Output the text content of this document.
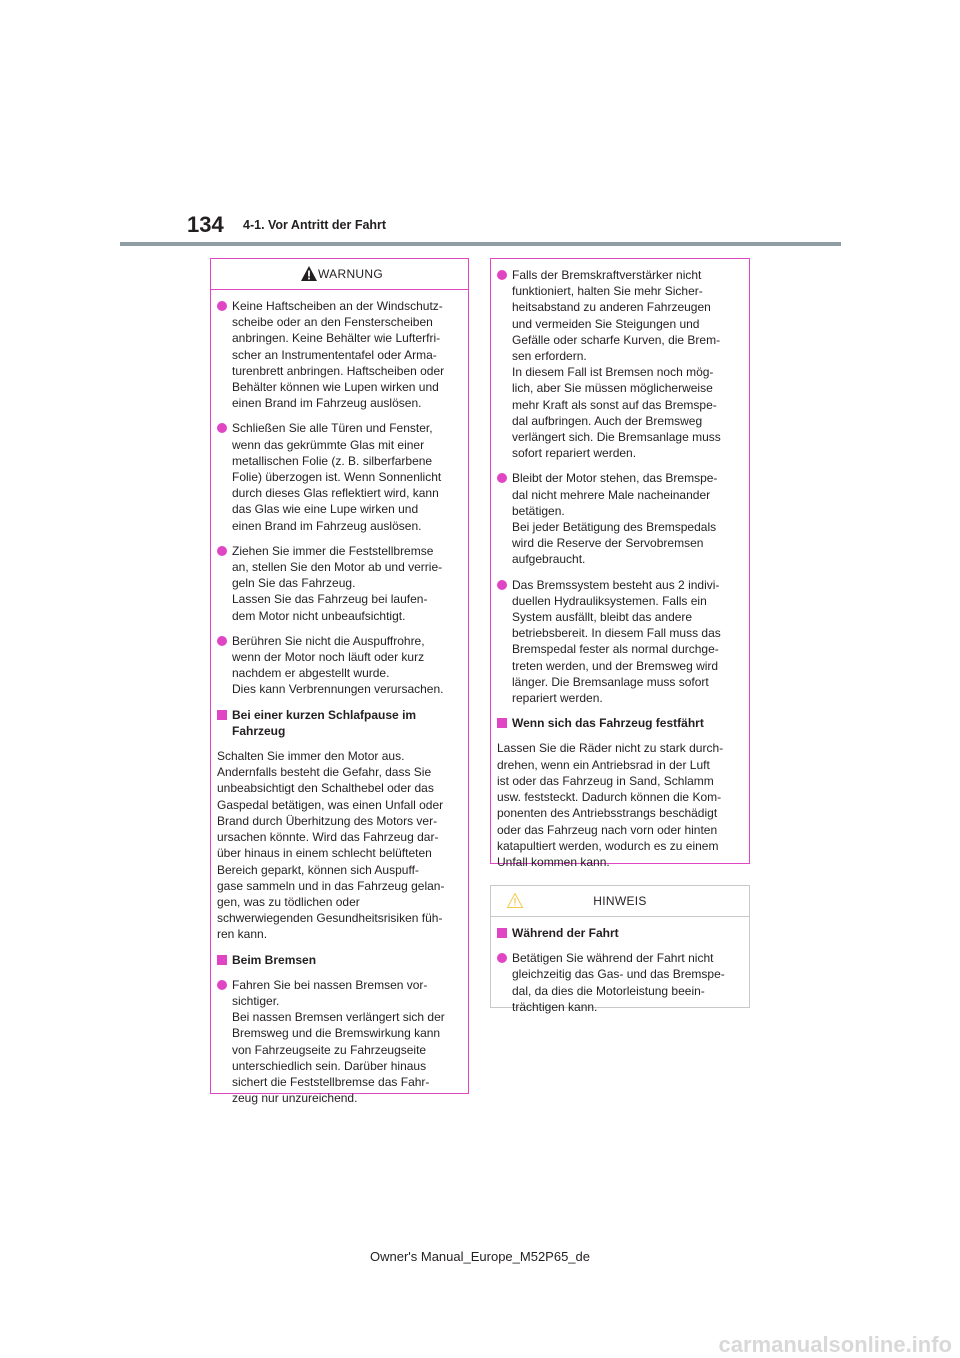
134 4-1. Vor Antritt der Fahrt
WARNUNG
Keine Haftscheiben an der Windschutz-
scheibe oder an den Fensterscheiben
anbringen. Keine Behälter wie Lufterfri-
scher an Instrumententafel oder Arma-
turenbrett anbringen. Haftscheiben oder
Behälter können wie Lupen wirken und
einen Brand im Fahrzeug auslösen.
Schließen Sie alle Türen und Fenster,
wenn das gekrümmte Glas mit einer
metallischen Folie (z. B. silberfarbene
Folie) überzogen ist. Wenn Sonnenlicht
durch dieses Glas reflektiert wird, kann
das Glas wie eine Lupe wirken und
einen Brand im Fahrzeug auslösen.
Ziehen Sie immer die Feststellbremse
an, stellen Sie den Motor ab und verrie-
geln Sie das Fahrzeug.
Lassen Sie das Fahrzeug bei laufen-
dem Motor nicht unbeaufsichtigt.
Berühren Sie nicht die Auspuffrohre,
wenn der Motor noch läuft oder kurz
nachdem er abgestellt wurde.
Dies kann Verbrennungen verursachen.
Bei einer kurzen Schlafpause im
Fahrzeug
Schalten Sie immer den Motor aus.
Andernfalls besteht die Gefahr, dass Sie
unbeabsichtigt den Schalthebel oder das
Gaspedal betätigen, was einen Unfall oder
Brand durch Überhitzung des Motors ver-
ursachen könnte. Wird das Fahrzeug dar-
über hinaus in einem schlecht belüfteten
Bereich geparkt, können sich Auspuff-
gase sammeln und in das Fahrzeug gelan-
gen, was zu tödlichen oder
schwerwiegenden Gesundheitsrisiken füh-
ren kann.
Beim Bremsen
Fahren Sie bei nassen Bremsen vor-
sichtiger.
Bei nassen Bremsen verlängert sich der
Bremsweg und die Bremswirkung kann
von Fahrzeugseite zu Fahrzeugseite
unterschiedlich sein. Darüber hinaus
sichert die Feststellbremse das Fahr-
zeug nur unzureichend.
Falls der Bremskraftverstärker nicht
funktioniert, halten Sie mehr Sicher-
heitsabstand zu anderen Fahrzeugen
und vermeiden Sie Steigungen und
Gefälle oder scharfe Kurven, die Brem-
sen erfordern.
In diesem Fall ist Bremsen noch mög-
lich, aber Sie müssen möglicherweise
mehr Kraft als sonst auf das Bremspe-
dal aufbringen. Auch der Bremsweg
verlängert sich. Die Bremsanlage muss
sofort repariert werden.
Bleibt der Motor stehen, das Bremspe-
dal nicht mehrere Male nacheinander
betätigen.
Bei jeder Betätigung des Bremspedals
wird die Reserve der Servobremsen
aufgebraucht.
Das Bremssystem besteht aus 2 indivi-
duellen Hydrauliksystemen. Falls ein
System ausfällt, bleibt das andere
betriebsbereit. In diesem Fall muss das
Bremspedal fester als normal durchge-
treten werden, und der Bremsweg wird
länger. Die Bremsanlage muss sofort
repariert werden.
Wenn sich das Fahrzeug festfährt
Lassen Sie die Räder nicht zu stark durch-
drehen, wenn ein Antriebsrad in der Luft
ist oder das Fahrzeug in Sand, Schlamm
usw. feststeckt. Dadurch können die Kom-
ponenten des Antriebsstrangs beschädigt
oder das Fahrzeug nach vorn oder hinten
katapultiert werden, wodurch es zu einem
Unfall kommen kann.
HINWEIS
Während der Fahrt
Betätigen Sie während der Fahrt nicht
gleichzeitig das Gas- und das Bremspe-
dal, da dies die Motorleistung beein-
trächtigen kann.
Owner's Manual_Europe_M52P65_de
carmanualsonline.info
